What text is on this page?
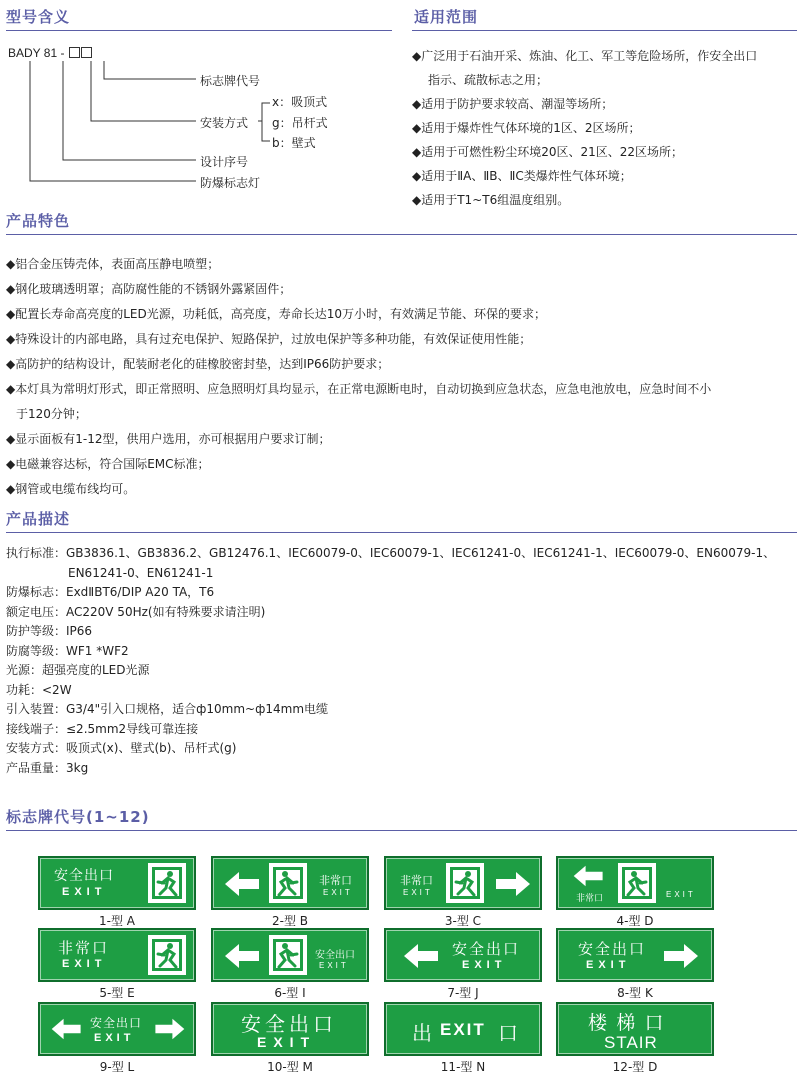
型号含义	适用范围
产品特色
产品描述
标志牌代号(1~12)
BADY 81 -
标志牌代号
安装方式
x：吸顶式
g：吊杆式
b：壁式
设计序号
防爆标志灯
◆广泛用于石油开采、炼油、化工、军工等危险场所，作安全出口
指示、疏散标志之用；
◆适用于防护要求较高、潮湿等场所；
◆适用于爆炸性气体环境的1区、2区场所；
◆适用于可燃性粉尘环境20区、21区、22区场所；
◆适用于ⅡA、ⅡB、ⅡC类爆炸性气体环境；
◆适用于T1~T6组温度组别。
◆铝合金压铸壳体，表面高压静电喷塑；
◆钢化玻璃透明罩；高防腐性能的不锈钢外露紧固件；
◆配置长寿命高亮度的LED光源，功耗低，高亮度，寿命长达10万小时，有效满足节能、环保的要求；
◆特殊设计的内部电路，具有过充电保护、短路保护，过放电保护等多种功能，有效保证使用性能；
◆高防护的结构设计，配装耐老化的硅橡胶密封垫，达到IP66防护要求；
◆本灯具为常明灯形式，即正常照明、应急照明灯具均显示，在正常电源断电时，自动切换到应急状态，应急电池放电，应急时间不小
于120分钟；
◆显示面板有1-12型，供用户选用，亦可根据用户要求订制；
◆电磁兼容达标，符合国际EMC标准；
◆钢管或电缆布线均可。
执行标准：GB3836.1、GB3836.2、GB12476.1、IEC60079-0、IEC60079-1、IEC61241-0、IEC61241-1、IEC60079-0、EN60079-1、
EN61241-0、EN61241-1
防爆标志：ExdⅡBT6/DIP A20 TA，T6
额定电压：AC220V 50Hz(如有特殊要求请注明)
防护等级：IP66
防腐等级：WF1 *WF2
光源：超强亮度的LED光源
功耗：<2W
引入装置：G3/4"引入口规格，适合ф10mm~ф14mm电缆
接线端子：≤2.5mm2导线可靠连接
安装方式：吸顶式(x)、壁式(b)、吊杆式(g)
产品重量：3kg
安全出口
EXIT
1-型 A
非常口
EXIT
2-型 B
非常口
EXIT
3-型 C
非常口	EXIT
4-型 D
非常口
EXIT
5-型 E
安全出口
EXIT
6-型 I
安全出口
EXIT
7-型 J
安全出口
EXIT
8-型 K
安全出口
EXIT
9-型 L
安全出口
EXIT
10-型 M
出 EXIT 口
11-型 N
楼 梯 口
STAIR
12-型 D
